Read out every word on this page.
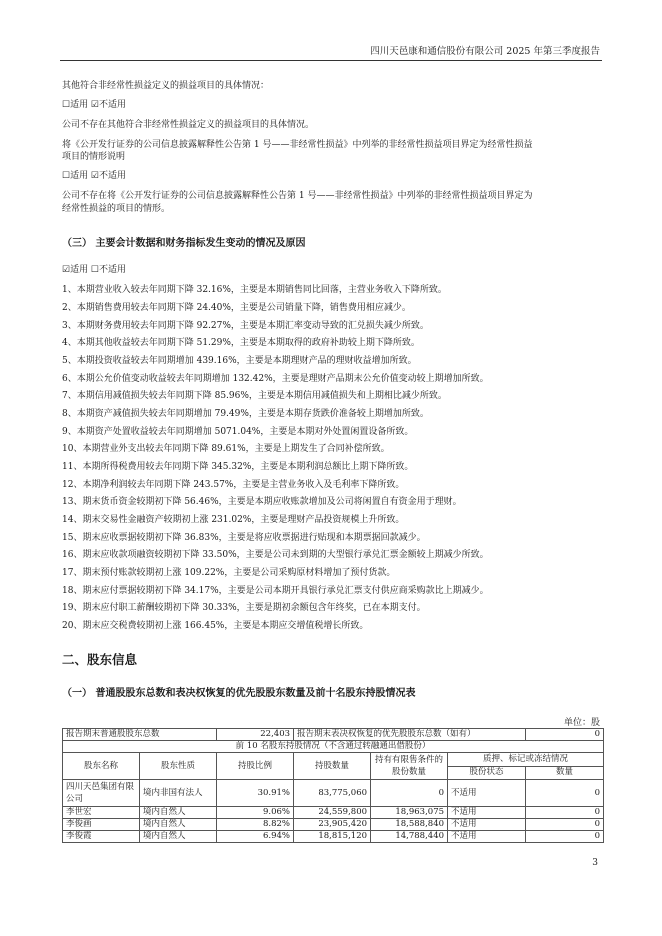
四川天邑康和通信股份有限公司 2025 年第三季度报告
其他符合非经常性损益定义的损益项目的具体情况：
☐适用 ☑不适用
公司不存在其他符合非经常性损益定义的损益项目的具体情况。
将《公开发行证券的公司信息披露解释性公告第 1 号——非经常性损益》中列举的非经常性损益项目界定为经常性损益
项目的情形说明
☐适用 ☑不适用
公司不存在将《公开发行证券的公司信息披露解释性公告第 1 号——非经常性损益》中列举的非经常性损益项目界定为
经常性损益的项目的情形。
（三） 主要会计数据和财务指标发生变动的情况及原因
☑适用 ☐不适用
1、本期营业收入较去年同期下降 32.16%，主要是本期销售同比回落，主营业务收入下降所致。
2、本期销售费用较去年同期下降 24.40%，主要是公司销量下降，销售费用相应减少。
3、本期财务费用较去年同期下降 92.27%，主要是本期汇率变动导致的汇兑损失减少所致。
4、本期其他收益较去年同期下降 51.29%，主要是本期取得的政府补助较上期下降所致。
5、本期投资收益较去年同期增加 439.16%，主要是本期理财产品的理财收益增加所致。
6、本期公允价值变动收益较去年同期增加 132.42%，主要是理财产品期末公允价值变动较上期增加所致。
7、本期信用减值损失较去年同期下降 85.96%，主要是本期信用减值损失和上期相比减少所致。
8、本期资产减值损失较去年同期增加 79.49%，主要是本期存货跌价准备较上期增加所致。
9、本期资产处置收益较去年同期增加 5071.04%，主要是本期对外处置闲置设备所致。
10、本期营业外支出较去年同期下降 89.61%，主要是上期发生了合同补偿所致。
11、本期所得税费用较去年同期下降 345.32%，主要是本期利润总额比上期下降所致。
12、本期净利润较去年同期下降 243.57%，主要是主营业务收入及毛利率下降所致。
13、期末货币资金较期初下降 56.46%，主要是本期应收账款增加及公司将闲置自有资金用于理财。
14、期末交易性金融资产较期初上涨 231.02%，主要是理财产品投资规模上升所致。
15、期末应收票据较期初下降 36.83%，主要是将应收票据进行贴现和本期票据回款减少。
16、期末应收款项融资较期初下降 33.50%，主要是公司未到期的大型银行承兑汇票金额较上期减少所致。
17、期末预付账款较期初上涨 109.22%，主要是公司采购原材料增加了预付货款。
18、期末应付票据较期初下降 34.17%，主要是公司本期开具银行承兑汇票支付供应商采购款比上期减少。
19、期末应付职工薪酬较期初下降 30.33%，主要是期初余额包含年终奖，已在本期支付。
20、期末应交税费较期初上涨 166.45%，主要是本期应交增值税增长所致。
二、股东信息
（一） 普通股股东总数和表决权恢复的优先股股东数量及前十名股东持股情况表
单位：股
报告期末普通股股东总数		22,403	报告期末表决权恢复的优先股股东总数（如有）			0
前 10 名股东持股情况（不含通过转融通出借股份）						
股东名称	股东性质	持股比例	持股数量	持有有限售条件的股份数量	质押、标记或冻结情况	
					股份状态	数量
四川天邑集团有限公司	境内非国有法人	30.91%	83,775,060	0	不适用	0
李世宏	境内自然人	9.06%	24,559,800	18,963,075	不适用	0
李俊画	境内自然人	8.82%	23,905,420	18,588,840	不适用	0
李俊霞	境内自然人	6.94%	18,815,120	14,788,440	不适用	0
3
